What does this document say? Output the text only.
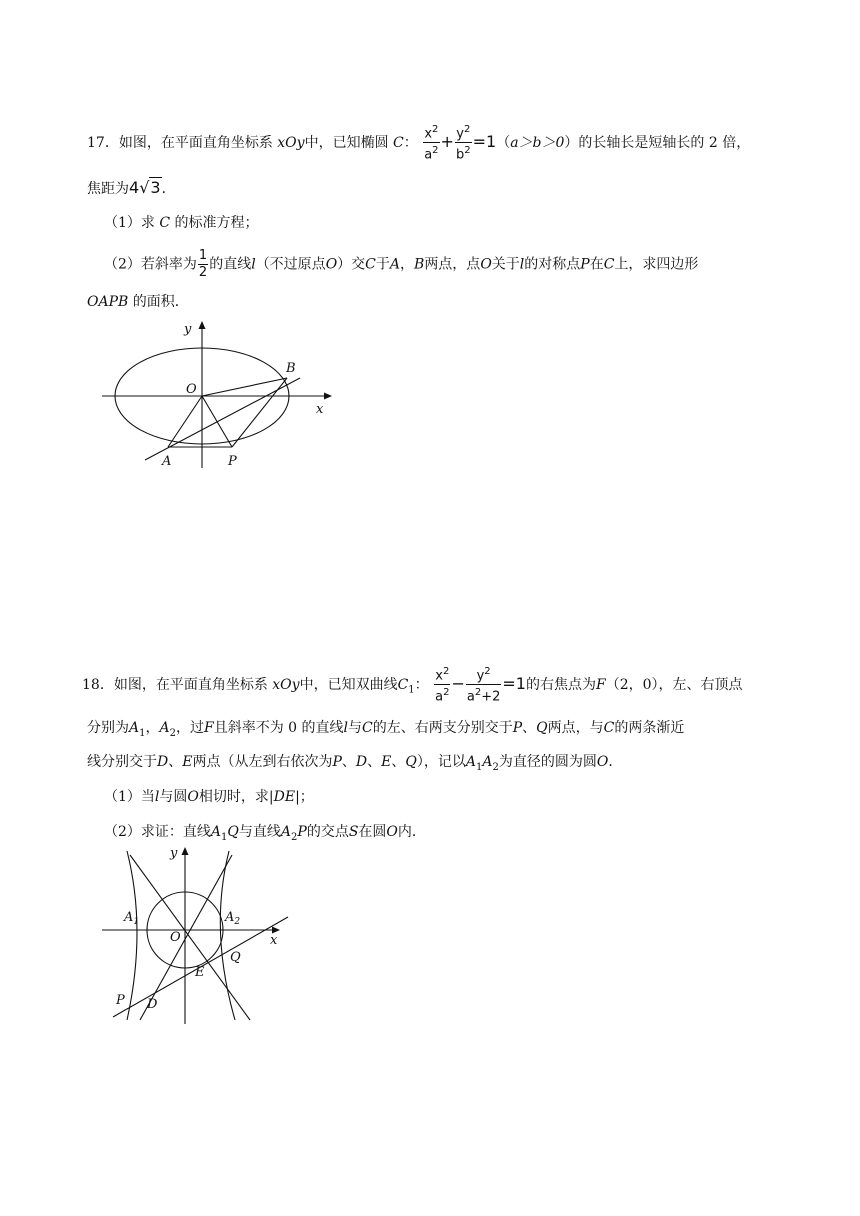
17．如图，在平面直角坐标系 xOy中，已知椭圆 C： $\frac{x^2}{a^2} + \frac{y^2}{b^2} =1(a>b>0)$的长轴长是短轴长的 2 倍，
焦距为4√3．
（1）求 C 的标准方程；
（2）若斜率为 $\frac{1}{2}$ 的直线l（不过原点O）交C于A，B两点，点O关于l的对称点P在C上，求四边形
OAPB 的面积．
y
x
O
B
A	P
18．如图，在平面直角坐标系 xOy中，已知双曲线$C_1$： $\frac{x^2}{a^2} - \frac{y^2}{a^2+2} =1$的右焦点为F（2，0），左、右顶点
分别为$A_1$，$A_2$，过F且斜率不为 0 的直线l与C的左、右两支分别交于P、Q两点，与C的两条渐近
线分别交于D、E两点（从左到右依次为P、D、E、Q），记以$A_1A_2$为直径的圆为圆O．
（1）当l与圆O相切时，求|DE|；
（2）求证：直线$A_1Q$与直线$A_2P$的交点S在圆O内．
y
x
O
$A_1$	$A_2$
E
Q
P D
